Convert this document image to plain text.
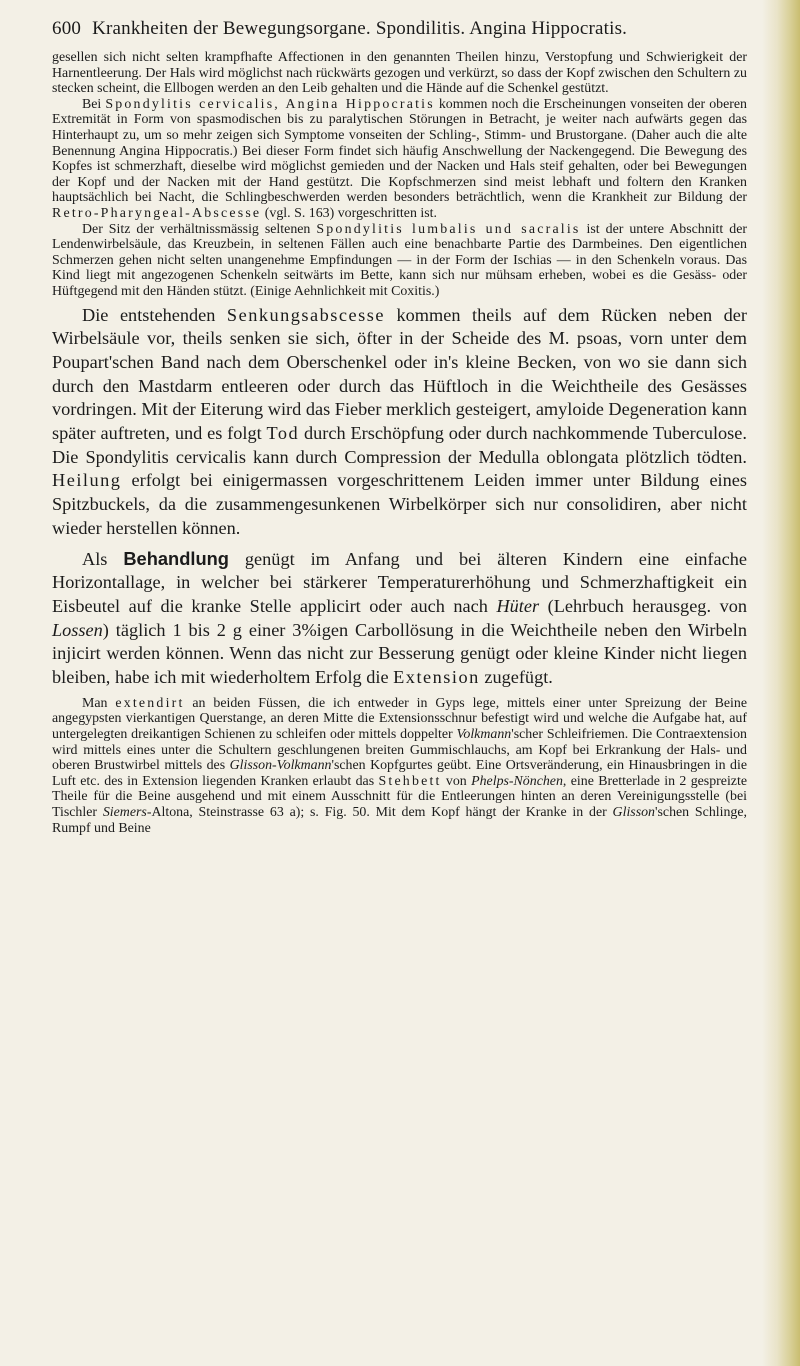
600 Krankheiten der Bewegungsorgane. Spondilitis. Angina Hippocratis.

gesellen sich nicht selten krampfhafte Affectionen in den genannten Theilen hinzu, Verstopfung und Schwierigkeit der Harnentleerung. Der Hals wird möglichst nach rückwärts gezogen und verkürzt, so dass der Kopf zwischen den Schultern zu stecken scheint, die Ellbogen werden an den Leib gehalten und die Hände auf die Schenkel gestützt.

Bei Spondylitis cervicalis, Angina Hippocratis kommen noch die Erscheinungen vonseiten der oberen Extremität in Form von spasmodischen bis zu paralytischen Störungen in Betracht, je weiter nach aufwärts gegen das Hinterhaupt zu, um so mehr zeigen sich Symptome vonseiten der Schling-, Stimm- und Brustorgane. (Daher auch die alte Benennung Angina Hippocratis.) Bei dieser Form findet sich häufig Anschwellung der Nackengegend. Die Bewegung des Kopfes ist schmerzhaft, dieselbe wird möglichst gemieden und der Nacken und Hals steif gehalten, oder bei Bewegungen der Kopf und der Nacken mit der Hand gestützt. Die Kopfschmerzen sind meist lebhaft und foltern den Kranken hauptsächlich bei Nacht, die Schlingbeschwerden werden besonders beträchtlich, wenn die Krankheit zur Bildung der Retro-Pharyngeal-Abscesse (vgl. S. 163) vorgeschritten ist.

Der Sitz der verhältnissmässig seltenen Spondylitis lumbalis und sacralis ist der untere Abschnitt der Lendenwirbelsäule, das Kreuzbein, in seltenen Fällen auch eine benachbarte Partie des Darmbeines. Den eigentlichen Schmerzen gehen nicht selten unangenehme Empfindungen — in der Form der Ischias — in den Schenkeln voraus. Das Kind liegt mit angezogenen Schenkeln seitwärts im Bette, kann sich nur mühsam erheben, wobei es die Gesäss- oder Hüftgegend mit den Händen stützt. (Einige Aehnlichkeit mit Coxitis.)

Die entstehenden Senkungsabscesse kommen theils auf dem Rücken neben der Wirbelsäule vor, theils senken sie sich, öfter in der Scheide des M. psoas, vorn unter dem Poupart'schen Band nach dem Oberschenkel oder in's kleine Becken, von wo sie dann sich durch den Mastdarm entleeren oder durch das Hüftloch in die Weichtheile des Gesässes vordringen. Mit der Eiterung wird das Fieber merklich gesteigert, amyloide Degeneration kann später auftreten, und es folgt Tod durch Erschöpfung oder durch nachkommende Tuberculose. Die Spondylitis cervicalis kann durch Compression der Medulla oblongata plötzlich tödten. Heilung erfolgt bei einigermassen vorgeschrittenem Leiden immer unter Bildung eines Spitzbuckels, da die zusammengesunkenen Wirbelkörper sich nur consolidiren, aber nicht wieder herstellen können.

Als Behandlung genügt im Anfang und bei älteren Kindern eine einfache Horizontallage, in welcher bei stärkerer Temperaturerhöhung und Schmerzhaftigkeit ein Eisbeutel auf die kranke Stelle applicirt oder auch nach Hüter (Lehrbuch herausgeg. von Lossen) täglich 1 bis 2 g einer 3%igen Carbollösung in die Weichtheile neben den Wirbeln injicirt werden können. Wenn das nicht zur Besserung genügt oder kleine Kinder nicht liegen bleiben, habe ich mit wiederholtem Erfolg die Extension zugefügt.

Man extendirt an beiden Füssen, die ich entweder in Gyps lege, mittels einer unter Spreizung der Beine angegypsten vierkantigen Querstange, an deren Mitte die Extensionsschnur befestigt wird und welche die Aufgabe hat, auf untergelegten dreikantigen Schienen zu schleifen oder mittels doppelter Volkmann'scher Schleifriemen. Die Contraextension wird mittels eines unter die Schultern geschlungenen breiten Gummischlauchs, am Kopf bei Erkrankung der Hals- und oberen Brustwirbel mittels des Glisson-Volkmann'schen Kopfgurtes geübt. Eine Ortsveränderung, ein Hinausbringen in die Luft etc. des in Extension liegenden Kranken erlaubt das Stehbett von Phelps-Nönchen, eine Bretterlade in 2 gespreizte Theile für die Beine ausgehend und mit einem Ausschnitt für die Entleerungen hinten an deren Vereinigungsstelle (bei Tischler Siemers-Altona, Steinstrasse 63 a); s. Fig. 50. Mit dem Kopf hängt der Kranke in der Glisson'schen Schlinge, Rumpf und Beine
